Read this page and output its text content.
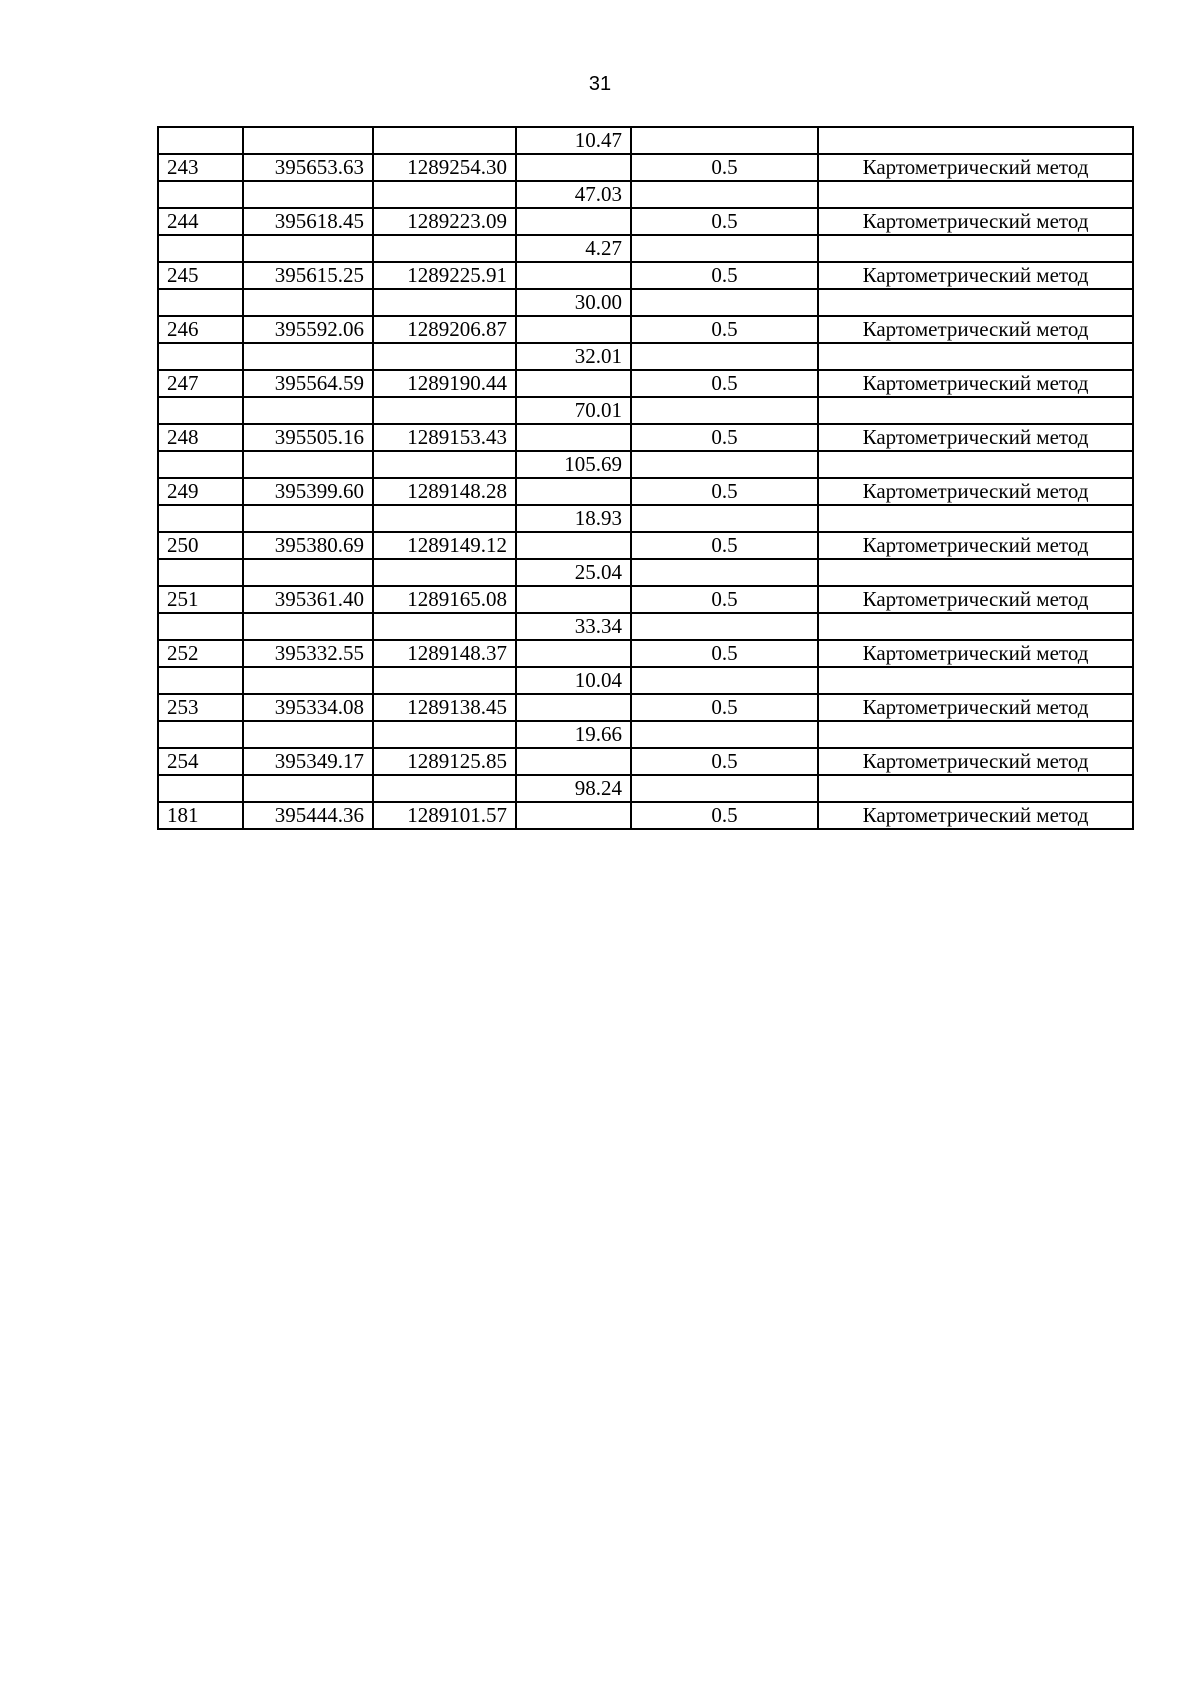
31
			10.47		
243	395653.63	1289254.30		0.5	Картометрический метод
			47.03		
244	395618.45	1289223.09		0.5	Картометрический метод
			4.27		
245	395615.25	1289225.91		0.5	Картометрический метод
			30.00		
246	395592.06	1289206.87		0.5	Картометрический метод
			32.01		
247	395564.59	1289190.44		0.5	Картометрический метод
			70.01		
248	395505.16	1289153.43		0.5	Картометрический метод
			105.69		
249	395399.60	1289148.28		0.5	Картометрический метод
			18.93		
250	395380.69	1289149.12		0.5	Картометрический метод
			25.04		
251	395361.40	1289165.08		0.5	Картометрический метод
			33.34		
252	395332.55	1289148.37		0.5	Картометрический метод
			10.04		
253	395334.08	1289138.45		0.5	Картометрический метод
			19.66		
254	395349.17	1289125.85		0.5	Картометрический метод
			98.24		
181	395444.36	1289101.57		0.5	Картометрический метод
